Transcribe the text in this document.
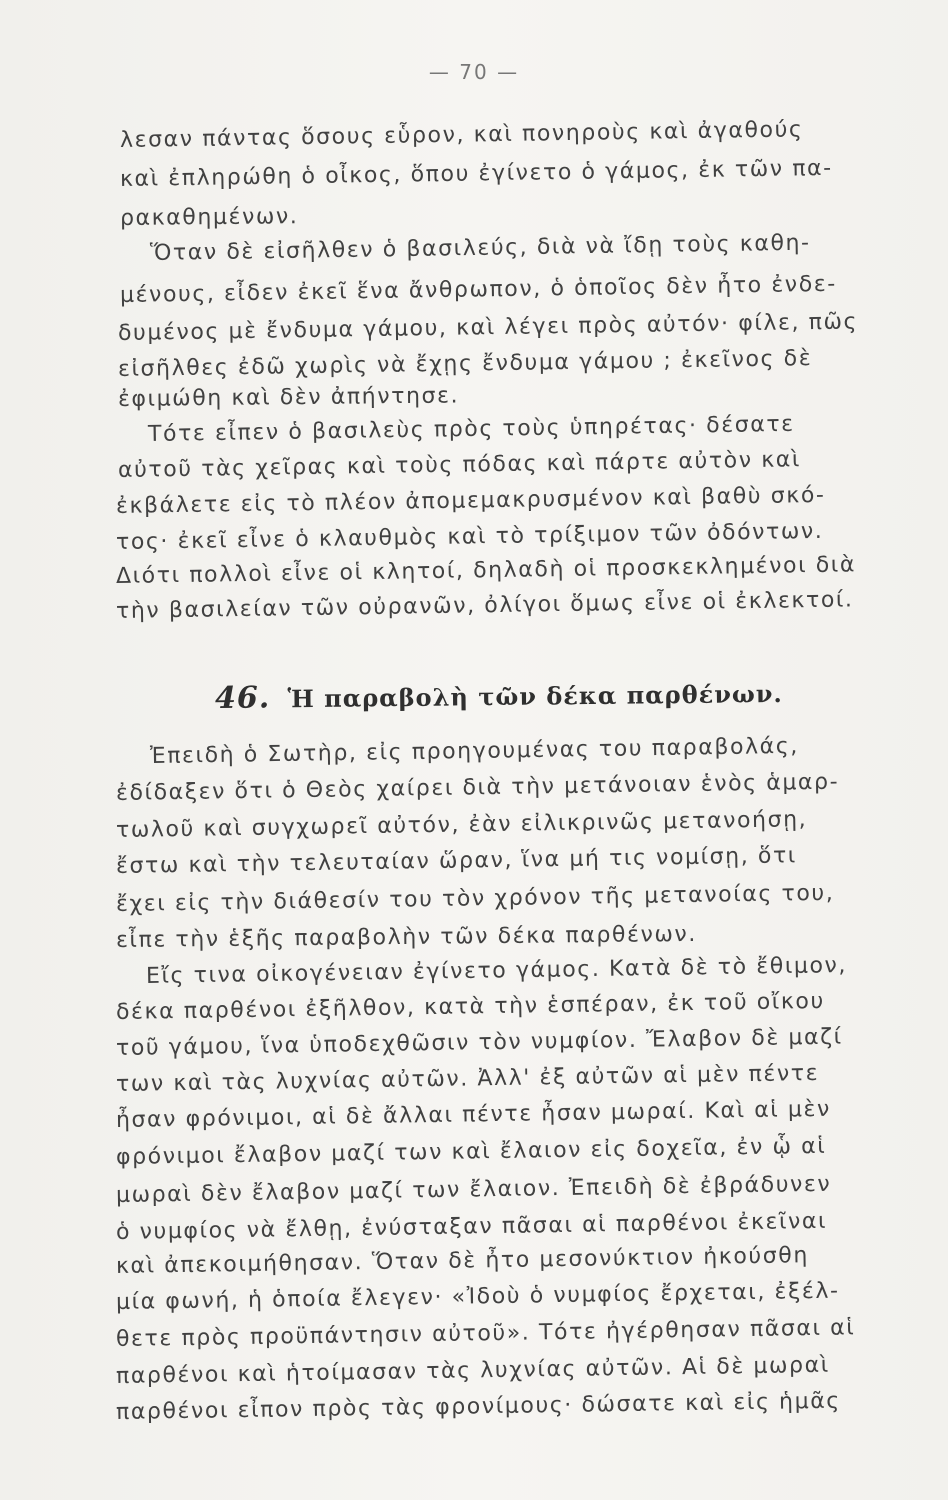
— 70 —
λεσαν πάντας ὅσους εὗρον, καὶ πονηροὺς καὶ ἀγαθούς
καὶ ἐπληρώθη ὁ οἶκος, ὅπου ἐγίνετο ὁ γάμος, ἐκ τῶν πα-
ρακαθημένων.
Ὅταν δὲ εἰσῆλθεν ὁ βασιλεύς, διὰ νὰ ἴδῃ τοὺς καθη-
μένους, εἶδεν ἐκεῖ ἕνα ἄνθρωπον, ὁ ὁποῖος δὲν ἦτο ἐνδε-
δυμένος μὲ ἔνδυμα γάμου, καὶ λέγει πρὸς αὐτόν· φίλε, πῶς
εἰσῆλθες ἐδῶ χωρὶς νὰ ἔχῃς ἔνδυμα γάμου ; ἐκεῖνος δὲ
ἐφιμώθη καὶ δὲν ἀπήντησε.
Τότε εἶπεν ὁ βασιλεὺς πρὸς τοὺς ὑπηρέτας· δέσατε
αὐτοῦ τὰς χεῖρας καὶ τοὺς πόδας καὶ πάρτε αὐτὸν καὶ
ἐκβάλετε εἰς τὸ πλέον ἀπομεμακρυσμένον καὶ βαθὺ σκό-
τος· ἐκεῖ εἶνε ὁ κλαυθμὸς καὶ τὸ τρίξιμον τῶν ὀδόντων.
Διότι πολλοὶ εἶνε οἱ κλητοί, δηλαδὴ οἱ προσκεκλημένοι διὰ
τὴν βασιλείαν τῶν οὐρανῶν, ὀλίγοι ὅμως εἶνε οἱ ἐκλεκτοί.
46. Ἡ παραβολὴ τῶν δέκα παρθένων.
Ἐπειδὴ ὁ Σωτὴρ, εἰς προηγουμένας του παραβολάς,
ἐδίδαξεν ὅτι ὁ Θεὸς χαίρει διὰ τὴν μετάνοιαν ἑνὸς ἁμαρ-
τωλοῦ καὶ συγχωρεῖ αὐτόν, ἐὰν εἰλικρινῶς μετανοήσῃ,
ἔστω καὶ τὴν τελευταίαν ὥραν, ἵνα μή τις νομίσῃ, ὅτι
ἔχει εἰς τὴν διάθεσίν του τὸν χρόνον τῆς μετανοίας του,
εἶπε τὴν ἑξῆς παραβολὴν τῶν δέκα παρθένων.
Εἴς τινα οἰκογένειαν ἐγίνετο γάμος. Κατὰ δὲ τὸ ἔθιμον,
δέκα παρθένοι ἐξῆλθον, κατὰ τὴν ἑσπέραν, ἐκ τοῦ οἴκου
τοῦ γάμου, ἵνα ὑποδεχθῶσιν τὸν νυμφίον. Ἔλαβον δὲ μαζί
των καὶ τὰς λυχνίας αὐτῶν. Ἀλλ' ἐξ αὐτῶν αἱ μὲν πέντε
ἦσαν φρόνιμοι, αἱ δὲ ἄλλαι πέντε ἦσαν μωραί. Καὶ αἱ μὲν
φρόνιμοι ἔλαβον μαζί των καὶ ἔλαιον εἰς δοχεῖα, ἐν ᾧ αἱ
μωραὶ δὲν ἔλαβον μαζί των ἔλαιον. Ἐπειδὴ δὲ ἐβράδυνεν
ὁ νυμφίος νὰ ἔλθῃ, ἐνύσταξαν πᾶσαι αἱ παρθένοι ἐκεῖναι
καὶ ἀπεκοιμήθησαν. Ὅταν δὲ ἦτο μεσονύκτιον ἠκούσθη
μία φωνή, ἡ ὁποία ἔλεγεν· «Ἰδοὺ ὁ νυμφίος ἔρχεται, ἐξέλ-
θετε πρὸς προϋπάντησιν αὐτοῦ». Τότε ἠγέρθησαν πᾶσαι αἱ
παρθένοι καὶ ἡτοίμασαν τὰς λυχνίας αὐτῶν. Αἱ δὲ μωραὶ
παρθένοι εἶπον πρὸς τὰς φρονίμους· δώσατε καὶ εἰς ἡμᾶς
